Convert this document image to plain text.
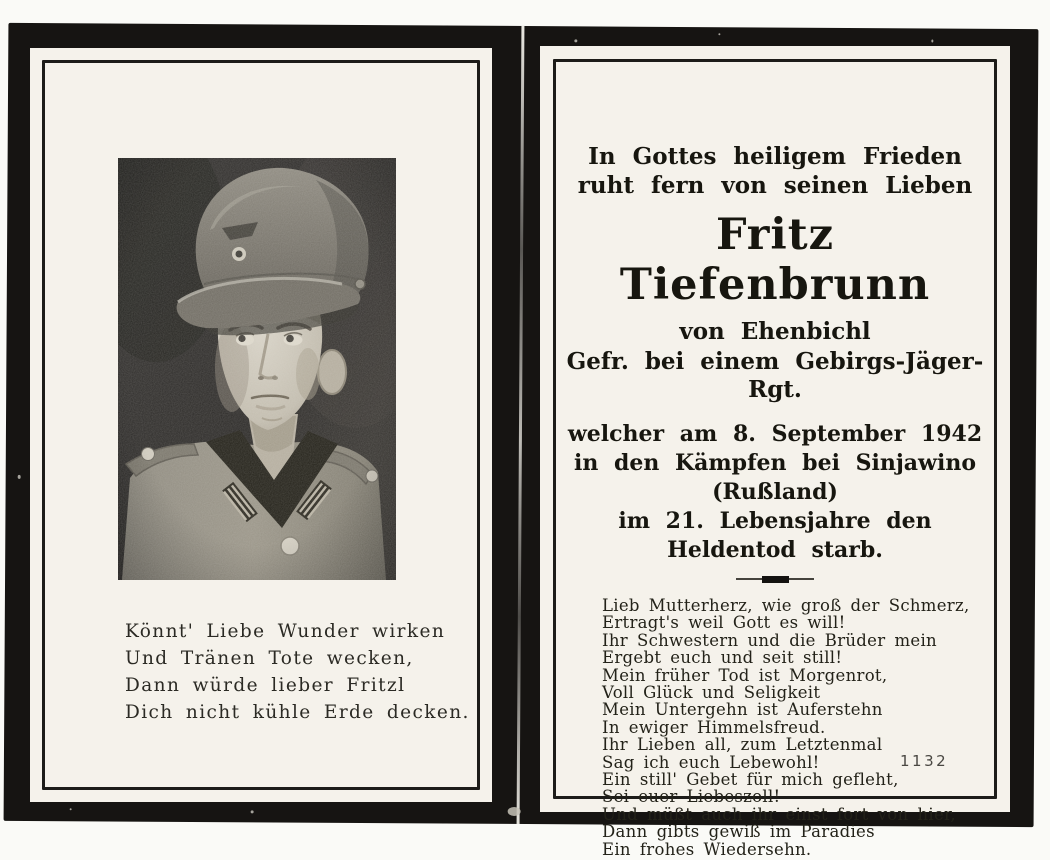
Könnt' Liebe Wunder wirken
Und Tränen Tote wecken,
Dann würde lieber Fritzl
Dich nicht kühle Erde decken.
In Gottes heiligem Frieden
ruht fern von seinen Lieben
Fritz Tiefenbrunn
von Ehenbichl
Gefr. bei einem Gebirgs-Jäger-Rgt.
welcher am 8. September 1942
in den Kämpfen bei Sinjawino (Rußland)
im 21. Lebensjahre den Heldentod starb.
Lieb Mutterherz, wie groß der Schmerz,
Ertragt's weil Gott es will!
Ihr Schwestern und die Brüder mein
Ergebt euch und seit still!
Mein früher Tod ist Morgenrot,
Voll Glück und Seligkeit
Mein Untergehn ist Auferstehn
In ewiger Himmelsfreud.
Ihr Lieben all, zum Letztenmal
Sag ich euch Lebewohl!
Ein still' Gebet für mich gefleht,
Sei euer Liebeszoll!
Und müßt auch ihr einst fort von hier,
Dann gibts gewiß im Paradies
Ein frohes Wiedersehn.
1132
